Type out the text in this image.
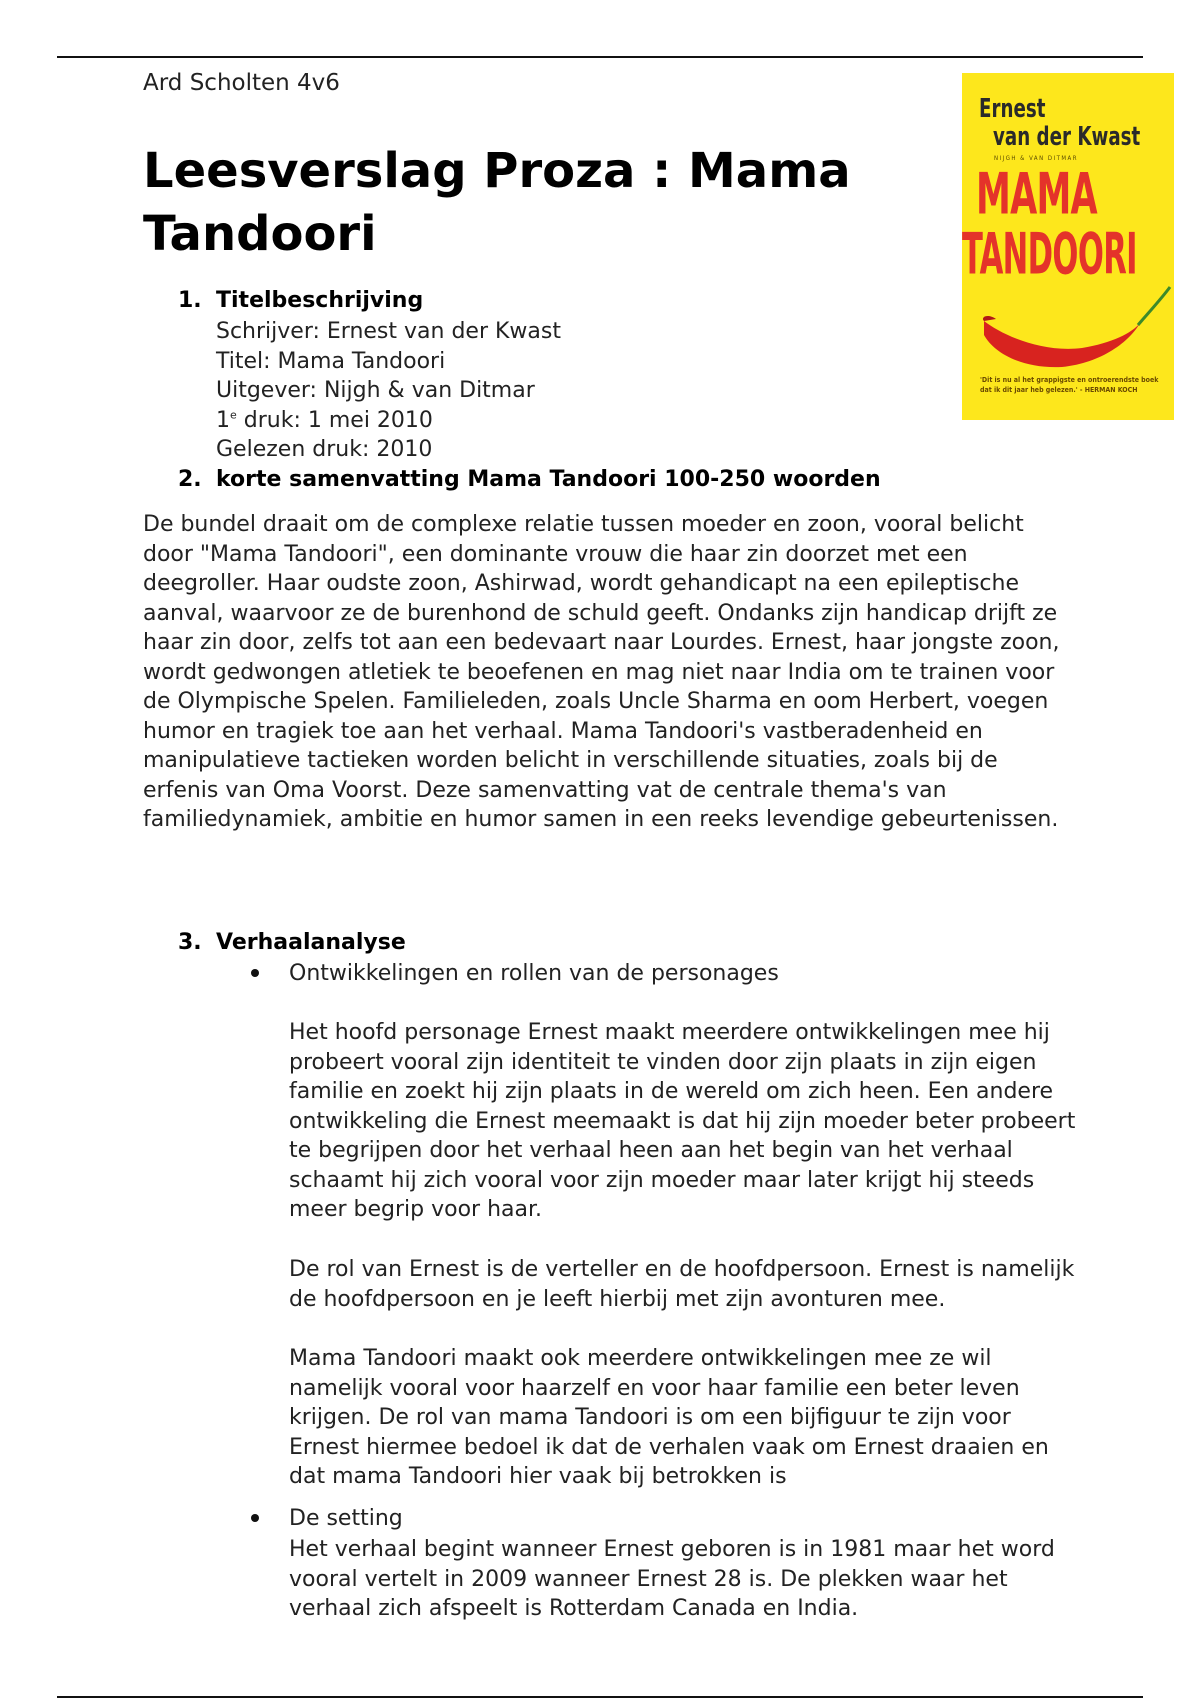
Ard Scholten 4v6
Leesverslag Proza : Mama Tandoori
1. Titelbeschrijving
Schrijver: Ernest van der Kwast
Titel: Mama Tandoori
Uitgever: Nijgh & van Ditmar
1e druk: 1 mei 2010
Gelezen druk: 2010
2. korte samenvatting Mama Tandoori 100-250 woorden

De bundel draait om de complexe relatie tussen moeder en zoon, vooral belicht door "Mama Tandoori", een dominante vrouw die haar zin doorzet met een deegroller. Haar oudste zoon, Ashirwad, wordt gehandicapt na een epileptische aanval, waarvoor ze de burenhond de schuld geeft. Ondanks zijn handicap drijft ze haar zin door, zelfs tot aan een bedevaart naar Lourdes. Ernest, haar jongste zoon, wordt gedwongen atletiek te beoefenen en mag niet naar India om te trainen voor de Olympische Spelen. Familieleden, zoals Uncle Sharma en oom Herbert, voegen humor en tragiek toe aan het verhaal. Mama Tandoori's vastberadenheid en manipulatieve tactieken worden belicht in verschillende situaties, zoals bij de erfenis van Oma Voorst. Deze samenvatting vat de centrale thema's van familiedynamiek, ambitie en humor samen in een reeks levendige gebeurtenissen.

3. Verhaalanalyse
Ontwikkelingen en rollen van de personages

Het hoofd personage Ernest maakt meerdere ontwikkelingen mee hij probeert vooral zijn identiteit te vinden door zijn plaats in zijn eigen familie en zoekt hij zijn plaats in de wereld om zich heen. Een andere ontwikkeling die Ernest meemaakt is dat hij zijn moeder beter probeert te begrijpen door het verhaal heen aan het begin van het verhaal schaamt hij zich vooral voor zijn moeder maar later krijgt hij steeds meer begrip voor haar.

De rol van Ernest is de verteller en de hoofdpersoon. Ernest is namelijk de hoofdpersoon en je leeft hierbij met zijn avonturen mee.

Mama Tandoori maakt ook meerdere ontwikkelingen mee ze wil namelijk vooral voor haarzelf en voor haar familie een beter leven krijgen. De rol van mama Tandoori is om een bijfiguur te zijn voor Ernest hiermee bedoel ik dat de verhalen vaak om Ernest draaien en dat mama Tandoori hier vaak bij betrokken is

De setting

Het verhaal begint wanneer Ernest geboren is in 1981 maar het word vooral vertelt in 2009 wanneer Ernest 28 is. De plekken waar het verhaal zich afspeelt is Rotterdam Canada en India.

Ernest
van der Kwast
NIJGH & VAN DITMAR
MAMA
TANDOORI
'Dit is nu al het grappigste en ontroerendste boek dat ik dit jaar heb gelezen.' - HERMAN KOCH
